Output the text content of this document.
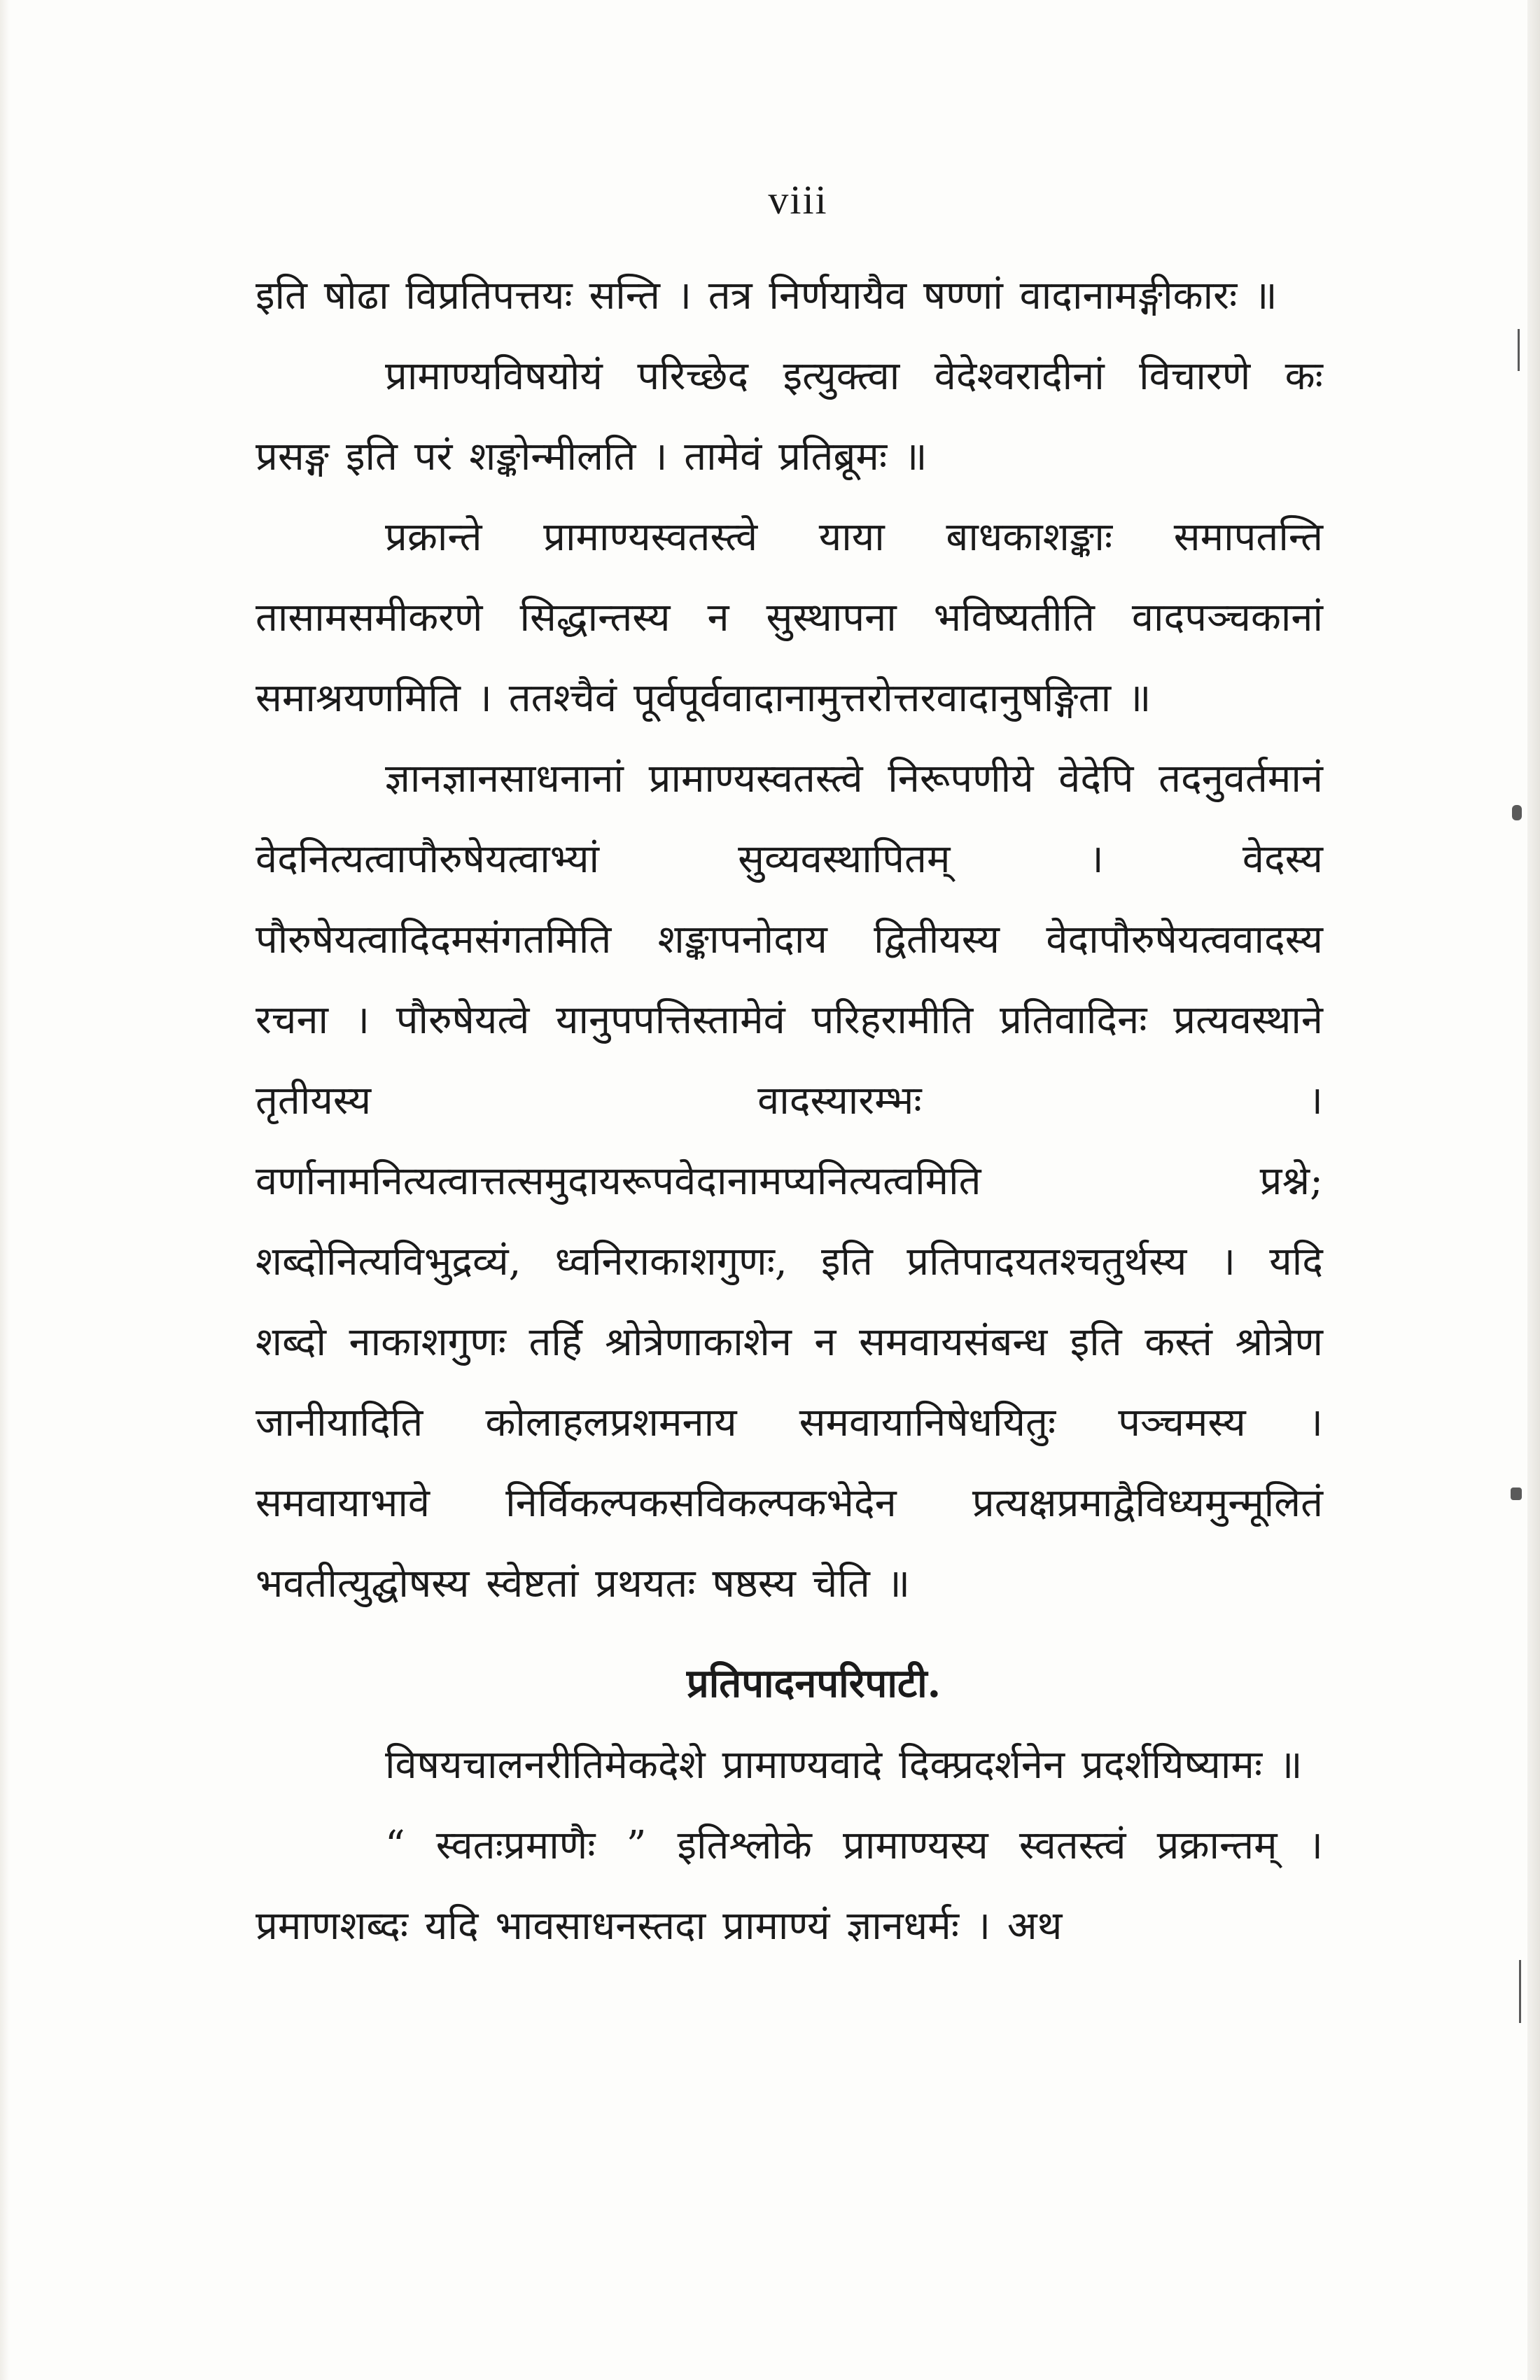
viii

इति षोढा विप्रतिपत्तयः सन्ति । तत्र निर्णयायैव षण्णां वादानामङ्गीकारः ॥

प्रामाण्यविषयोयं परिच्छेद इत्युक्त्वा वेदेश्वरादीनां विचारणे कः प्रसङ्ग इति परं शङ्कोन्मीलति । तामेवं प्रतिब्रूमः ॥

प्रक्रान्ते प्रामाण्यस्वतस्त्वे याया बाधकाशङ्काः समापतन्ति तासामसमीकरणे सिद्धान्तस्य न सुस्थापना भविष्यतीति वादपञ्चकानां समाश्रयणमिति । ततश्चैवं पूर्वपूर्ववादानामुत्तरोत्तरवादानुषङ्गिता ॥

ज्ञानज्ञानसाधनानां प्रामाण्यस्वतस्त्वे निरूपणीये वेदेपि तदनुवर्तमानं वेदनित्यत्वापौरुषेयत्वाभ्यां सुव्यवस्थापितम् । वेदस्य पौरुषेयत्वादिदमसंगतमिति शङ्कापनोदाय द्वितीयस्य वेदापौरुषेयत्ववादस्य रचना । पौरुषेयत्वे यानुपपत्तिस्तामेवं परिहरामीति प्रतिवादिनः प्रत्यवस्थाने तृतीयस्य वादस्यारम्भः । वर्णानामनित्यत्वात्तत्समुदायरूपवेदानामप्यनित्यत्वमिति प्रश्ने; शब्दोनित्यविभुद्रव्यं, ध्वनिराकाशगुणः, इति प्रतिपादयतश्चतुर्थस्य । यदि शब्दो नाकाशगुणः तर्हि श्रोत्रेणाकाशेन न समवायसंबन्ध इति कस्तं श्रोत्रेण जानीयादिति कोलाहलप्रशमनाय समवायानिषेधयितुः पञ्चमस्य । समवायाभावे निर्विकल्पकसविकल्पकभेदेन प्रत्यक्षप्रमाद्वैविध्यमुन्मूलितं भवतीत्युद्घोषस्य स्वेष्टतां प्रथयतः षष्ठस्य चेति ॥

प्रतिपादनपरिपाटी.

विषयचालनरीतिमेकदेशे प्रामाण्यवादे दिक्प्रदर्शनेन प्रदर्शयिष्यामः ॥

“ स्वतःप्रमाणैः ” इतिश्लोके प्रामाण्यस्य स्वतस्त्वं प्रक्रान्तम् । प्रमाणशब्दः यदि भावसाधनस्तदा प्रामाण्यं ज्ञानधर्मः । अथ
